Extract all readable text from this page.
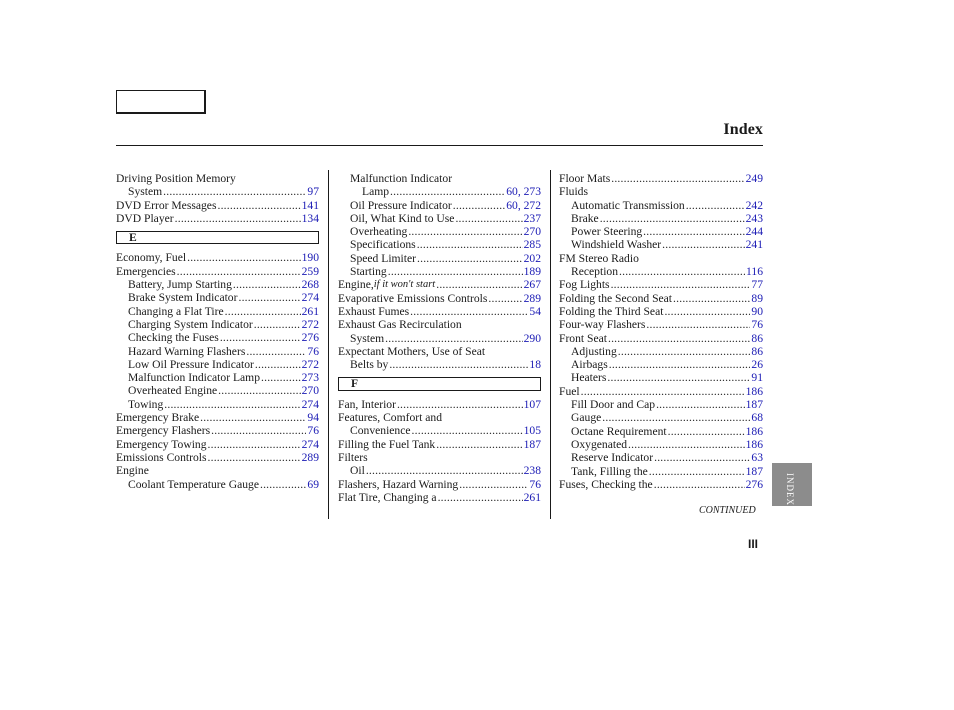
Index
Driving Position Memory
System .....	97
DVD Error Messages .....	141
DVD Player .....	134
E
Economy, Fuel .....	190
Emergencies .....	259
Battery, Jump Starting .....	268
Brake System Indicator .....	274
Changing a Flat Tire .....	261
Charging System Indicator .....	272
Checking the Fuses .....	276
Hazard Warning Flashers .....	76
Low Oil Pressure Indicator .....	272
Malfunction Indicator Lamp .....	273
Overheated Engine .....	270
Towing .....	274
Emergency Brake .....	94
Emergency Flashers .....	76
Emergency Towing .....	274
Emissions Controls .....	289
Engine
Coolant Temperature Gauge .....	69
Malfunction Indicator
Lamp .....	60, 273
Oil Pressure Indicator .....	60, 272
Oil, What Kind to Use .....	237
Overheating .....	270
Specifications .....	285
Speed Limiter .....	202
Starting .....	189
Engine, if it won't start .....	267
Evaporative Emissions Controls .....	289
Exhaust Fumes .....	54
Exhaust Gas Recirculation
System .....	290
Expectant Mothers, Use of Seat
Belts by .....	18
F
Fan, Interior .....	107
Features, Comfort and
Convenience .....	105
Filling the Fuel Tank .....	187
Filters
Oil .....	238
Flashers, Hazard Warning .....	76
Flat Tire, Changing a .....	261
Floor Mats .....	249
Fluids
Automatic Transmission .....	242
Brake .....	243
Power Steering .....	244
Windshield Washer .....	241
FM Stereo Radio
Reception .....	116
Fog Lights .....	77
Folding the Second Seat .....	89
Folding the Third Seat .....	90
Four-way Flashers .....	76
Front Seat .....	86
Adjusting .....	86
Airbags .....	26
Heaters .....	91
Fuel .....	186
Fill Door and Cap .....	187
Gauge .....	68
Octane Requirement .....	186
Oxygenated .....	186
Reserve Indicator .....	63
Tank, Filling the .....	187
Fuses, Checking the .....	276
CONTINUED
III
INDEX
